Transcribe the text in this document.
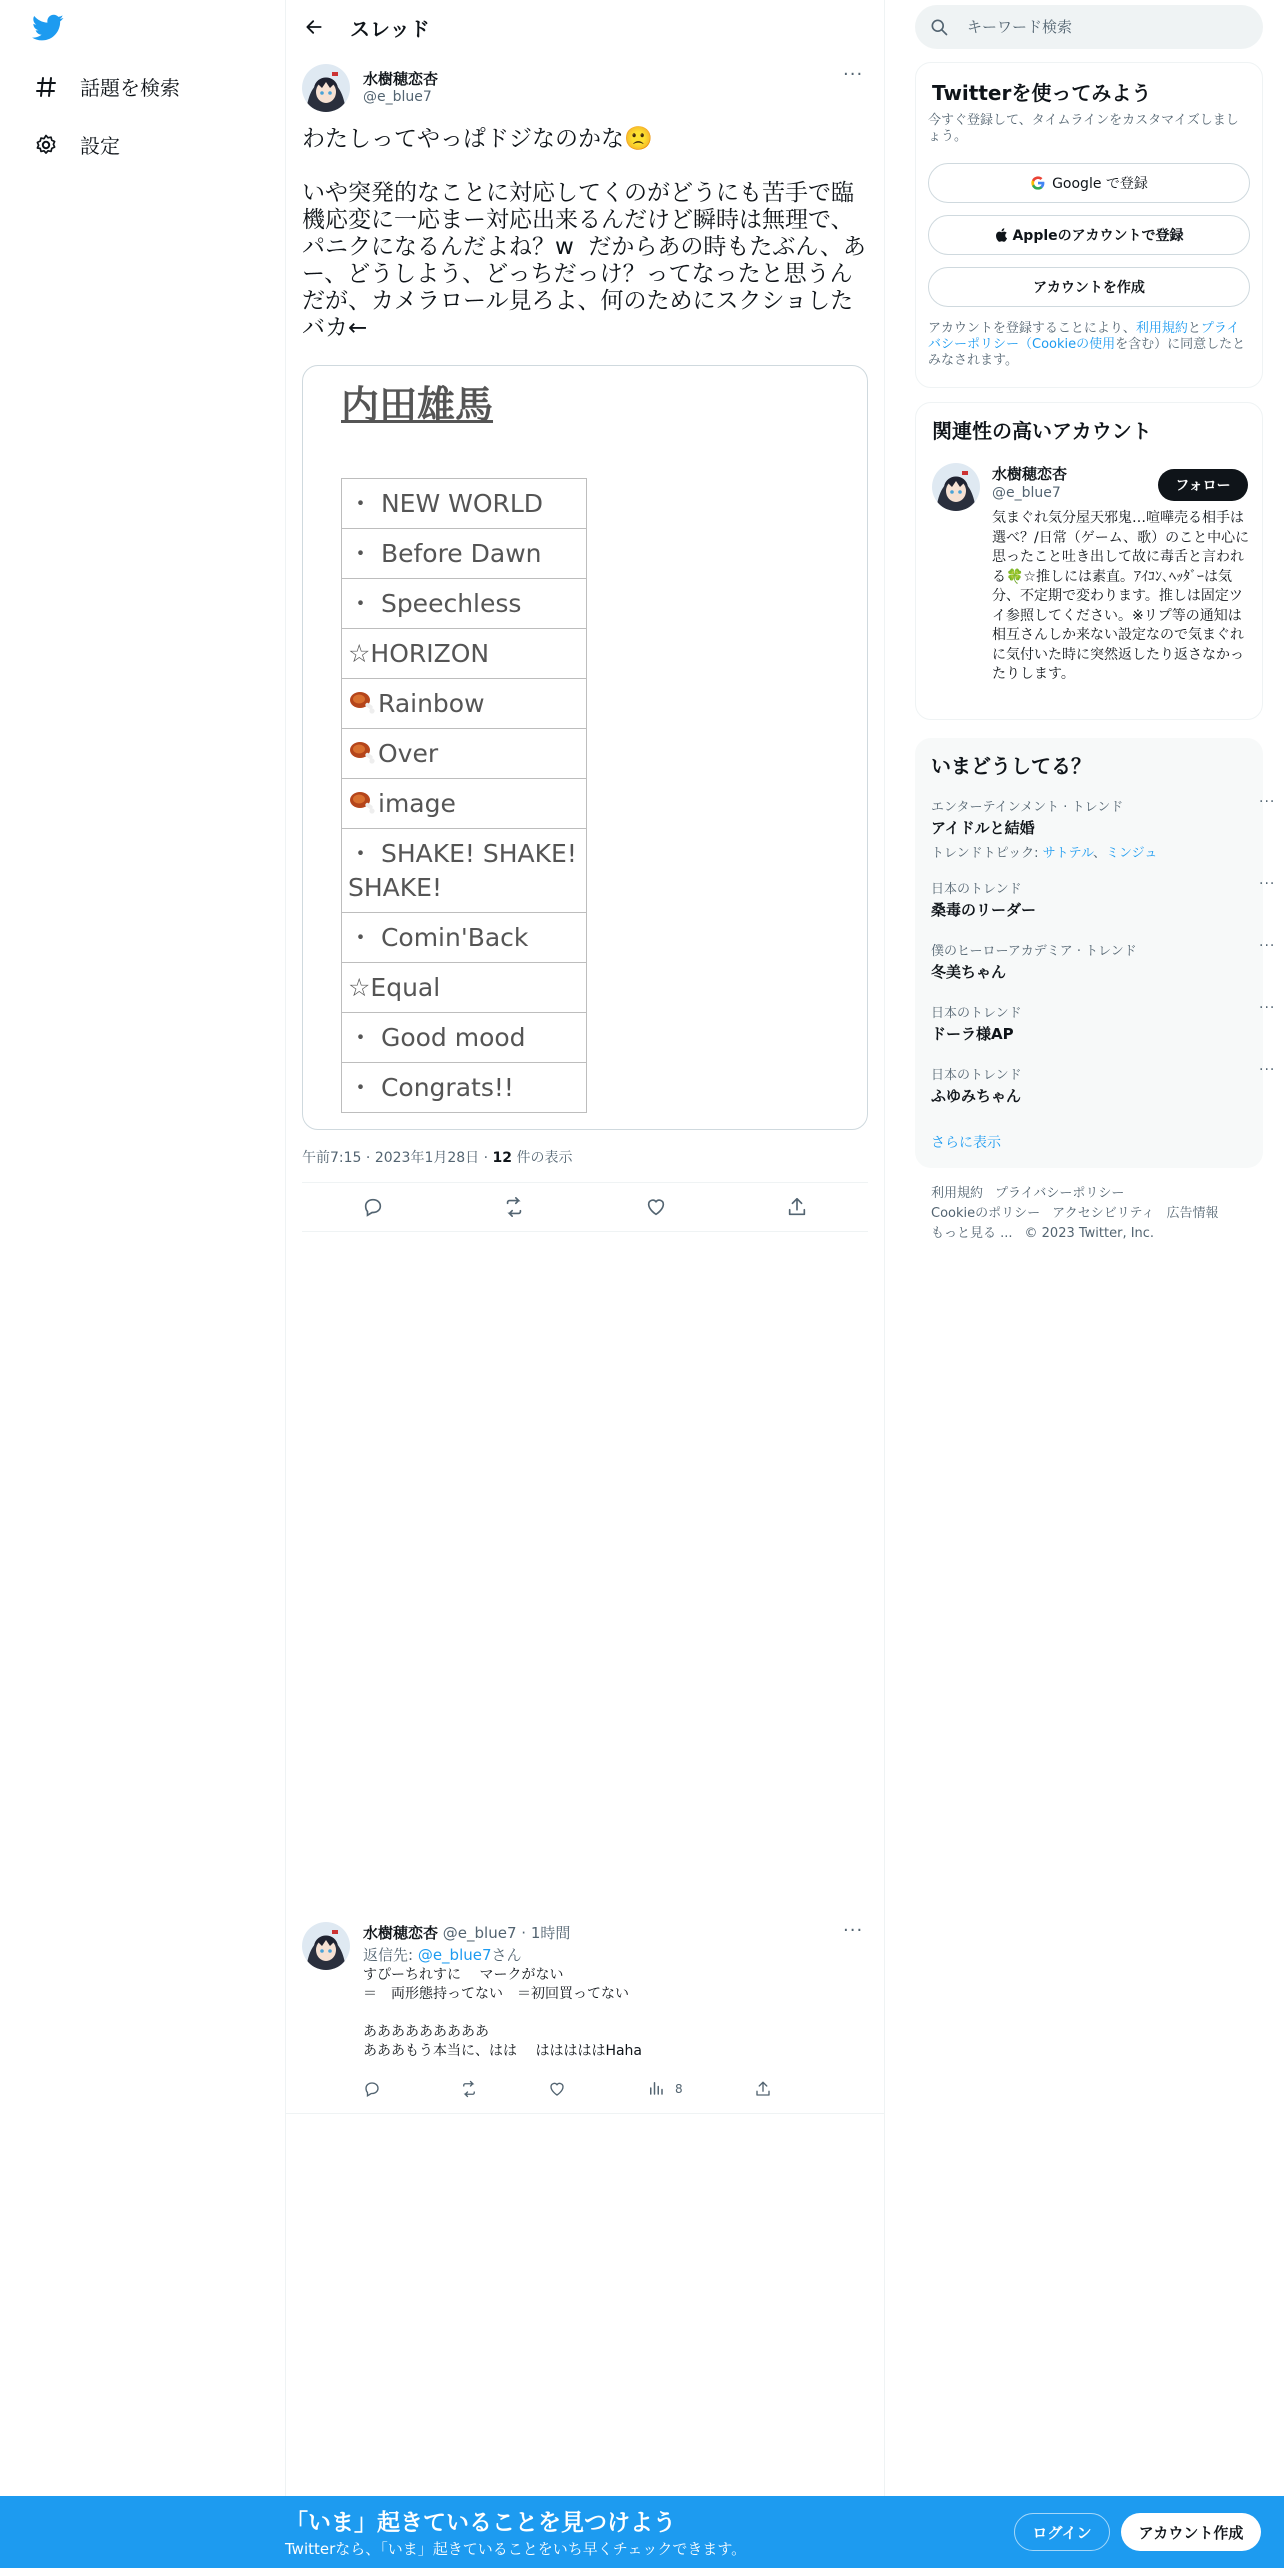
話題を検索
設定
スレッド
水樹穂恋杏
@e_blue7
···
わたしってやっぱドジなのかな🙁

いや突発的なことに対応してくのがどうにも苦手で臨機応変に一応まー対応出来るんだけど瞬時は無理で、パニクになるんだよね？w  だからあの時もたぶん、あー、どうしよう、どっちだっけ？ってなったと思うんだが、カメラロール見ろよ、何のためにスクショしたバカ←
内田雄馬
・ NEW WORLD
・ Before Dawn
・ Speechless
☆HORIZON
Rainbow
Over
image
・ SHAKE! SHAKE! SHAKE!
・ Comin'Back
☆Equal
・ Good mood
・ Congrats!!
午前7:15 · 2023年1月28日 · 12 件の表示
水樹穂恋杏 @e_blue7 · 1時間	···
返信先: @e_blue7さん
すぴーちれすに　 マークがない
＝　両形態持ってない　＝初回買ってない

あああああああああ
あああもう本当に、はは　 はははははHaha
8
キーワード検索
Twitterを使ってみよう
今すぐ登録して、タイムラインをカスタマイズしましょう。
Google で登録
Appleのアカウントで登録
アカウントを作成
アカウントを登録することにより、利用規約とプライバシーポリシー（Cookieの使用を含む）に同意したとみなされます。
関連性の高いアカウント
水樹穂恋杏
@e_blue7	フォロー
気まぐれ気分屋天邪鬼…喧嘩売る相手は選べ？/日常（ゲーム、歌）のこと中心に思ったこと吐き出して故に毒舌と言われる🍀☆推しには素直。ｱｲｺﾝ､ﾍｯﾀﾞｰは気分、不定期で変わります。推しは固定ツイ参照してください。※リプ等の通知は相互さんしか来ない設定なので気まぐれに気付いた時に突然返したり返さなかったりします。
いまどうしてる？
エンターテインメント · トレンド
アイドルと結婚
トレンドトピック: サトテル、ミンジュ
···
日本のトレンド
桑毒のリーダー
···
僕のヒーローアカデミア · トレンド
冬美ちゃん
···
日本のトレンド
ドーラ様AP
···
日本のトレンド
ふゆみちゃん
···
さらに表示
利用規約 プライバシーポリシー
Cookieのポリシー アクセシビリティ 広告情報
もっと見る ... © 2023 Twitter, Inc.
「いま」起きていることを見つけよう
Twitterなら、「いま」起きていることをいち早くチェックできます。
ログイン	アカウント作成
